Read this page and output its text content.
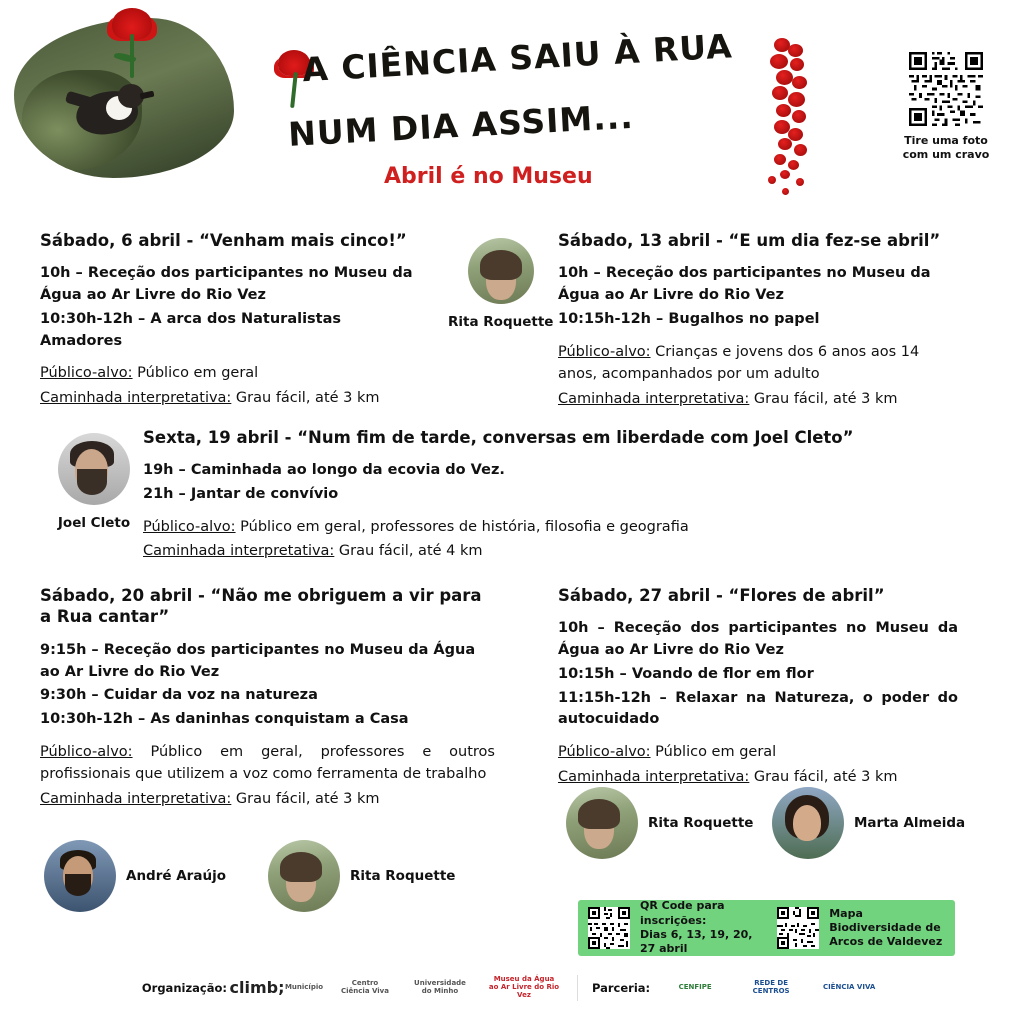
A CIÊNCIA SAIU À RUA
NUM DIA ASSIM...
Abril é no Museu
Tire uma foto
com um cravo
Sábado, 6 abril - “Venham mais cinco!”
10h – Receção dos participantes no Museu da Água ao Ar Livre do Rio Vez
10:30h-12h – A arca dos Naturalistas Amadores

Público-alvo: Público em geral

Caminhada interpretativa: Grau fácil, até 3 km

Rita Roquette
Sábado, 13 abril - “E um dia fez-se abril”
10h – Receção dos participantes no Museu da Água ao Ar Livre do Rio Vez
10:15h-12h – Bugalhos no papel

Público-alvo: Crianças e jovens dos 6 anos aos 14 anos, acompanhados por um adulto

Caminhada interpretativa: Grau fácil, até 3 km

Joel Cleto
Sexta, 19 abril - “Num fim de tarde, conversas em liberdade com Joel Cleto”
19h – Caminhada ao longo da ecovia do Vez.
21h – Jantar de convívio

Público-alvo: Público em geral, professores de história, filosofia e geografia

Caminhada interpretativa: Grau fácil, até 4 km

Sábado, 20 abril - “Não me obriguem a vir para a Rua cantar”
9:15h – Receção dos participantes no Museu da Água ao Ar Livre do Rio Vez
9:30h – Cuidar da voz na natureza
10:30h-12h – As daninhas conquistam a Casa

Público-alvo: Público em geral, professores e outros profissionais que utilizem a voz como ferramenta de trabalho

Caminhada interpretativa: Grau fácil, até 3 km

André Araújo	Rita Roquette
Sábado, 27 abril - “Flores de abril”
10h – Receção dos participantes no Museu da Água ao Ar Livre do Rio Vez
10:15h – Voando de flor em flor
11:15h-12h – Relaxar na Natureza, o poder do autocuidado

Público-alvo: Público em geral

Caminhada interpretativa: Grau fácil, até 3 km

Rita Roquette	Marta Almeida
QR Code para inscrições:
Dias 6, 13, 19, 20, 27 abril
Mapa Biodiversidade de
Arcos de Valdevez
Organização: climb; Município	Centro Ciência Viva
Universidade do Minho
Museu da Água ao Ar Livre do Rio Vez	Parceria:	CENFIPE	REDE DE CENTROS	CIÊNCIA VIVA
